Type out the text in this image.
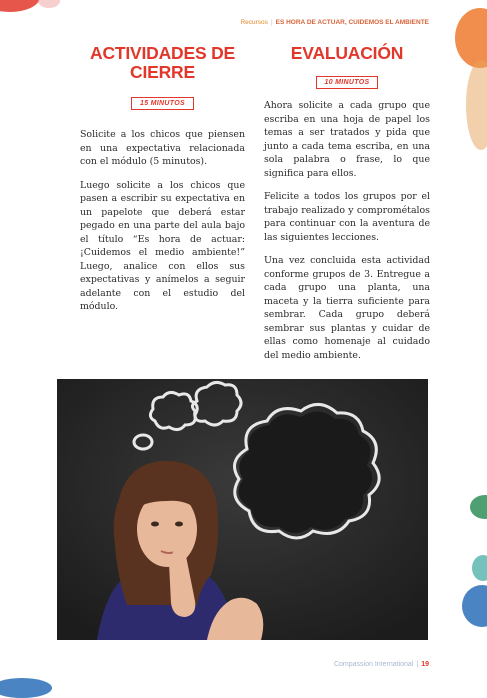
Recursos | ES HORA DE ACTUAR, CUIDEMOS EL AMBIENTE
ACTIVIDADES DE CIERRE
15 MINUTOS

Solicite a los chicos que piensen en una expectativa relacionada con el módulo (5 minutos).

Luego solicite a los chicos que pasen a escribir su expectativa en un papelote que deberá estar pegado en una parte del aula bajo el título “Es hora de actuar: ¡Cuidemos el medio ambiente!” Luego, analice con ellos sus expectativas y anímelos a seguir adelante con el estudio del módulo.

EVALUACIÓN
10 MINUTOS

Ahora solicite a cada grupo que escriba en una hoja de papel los temas a ser tratados y pida que junto a cada tema escriba, en una sola palabra o frase, lo que significa para ellos.

Felicite a todos los grupos por el trabajo realizado y comprométalos para continuar con la aventura de las siguientes lecciones.

Una vez concluida esta actividad conforme grupos de 3. Entregue a cada grupo una planta, una maceta y la tierra suficiente para sembrar. Cada grupo deberá sembrar sus plantas y cuidar de ellas como homenaje al cuidado del medio ambiente.

Compassion International | 19
